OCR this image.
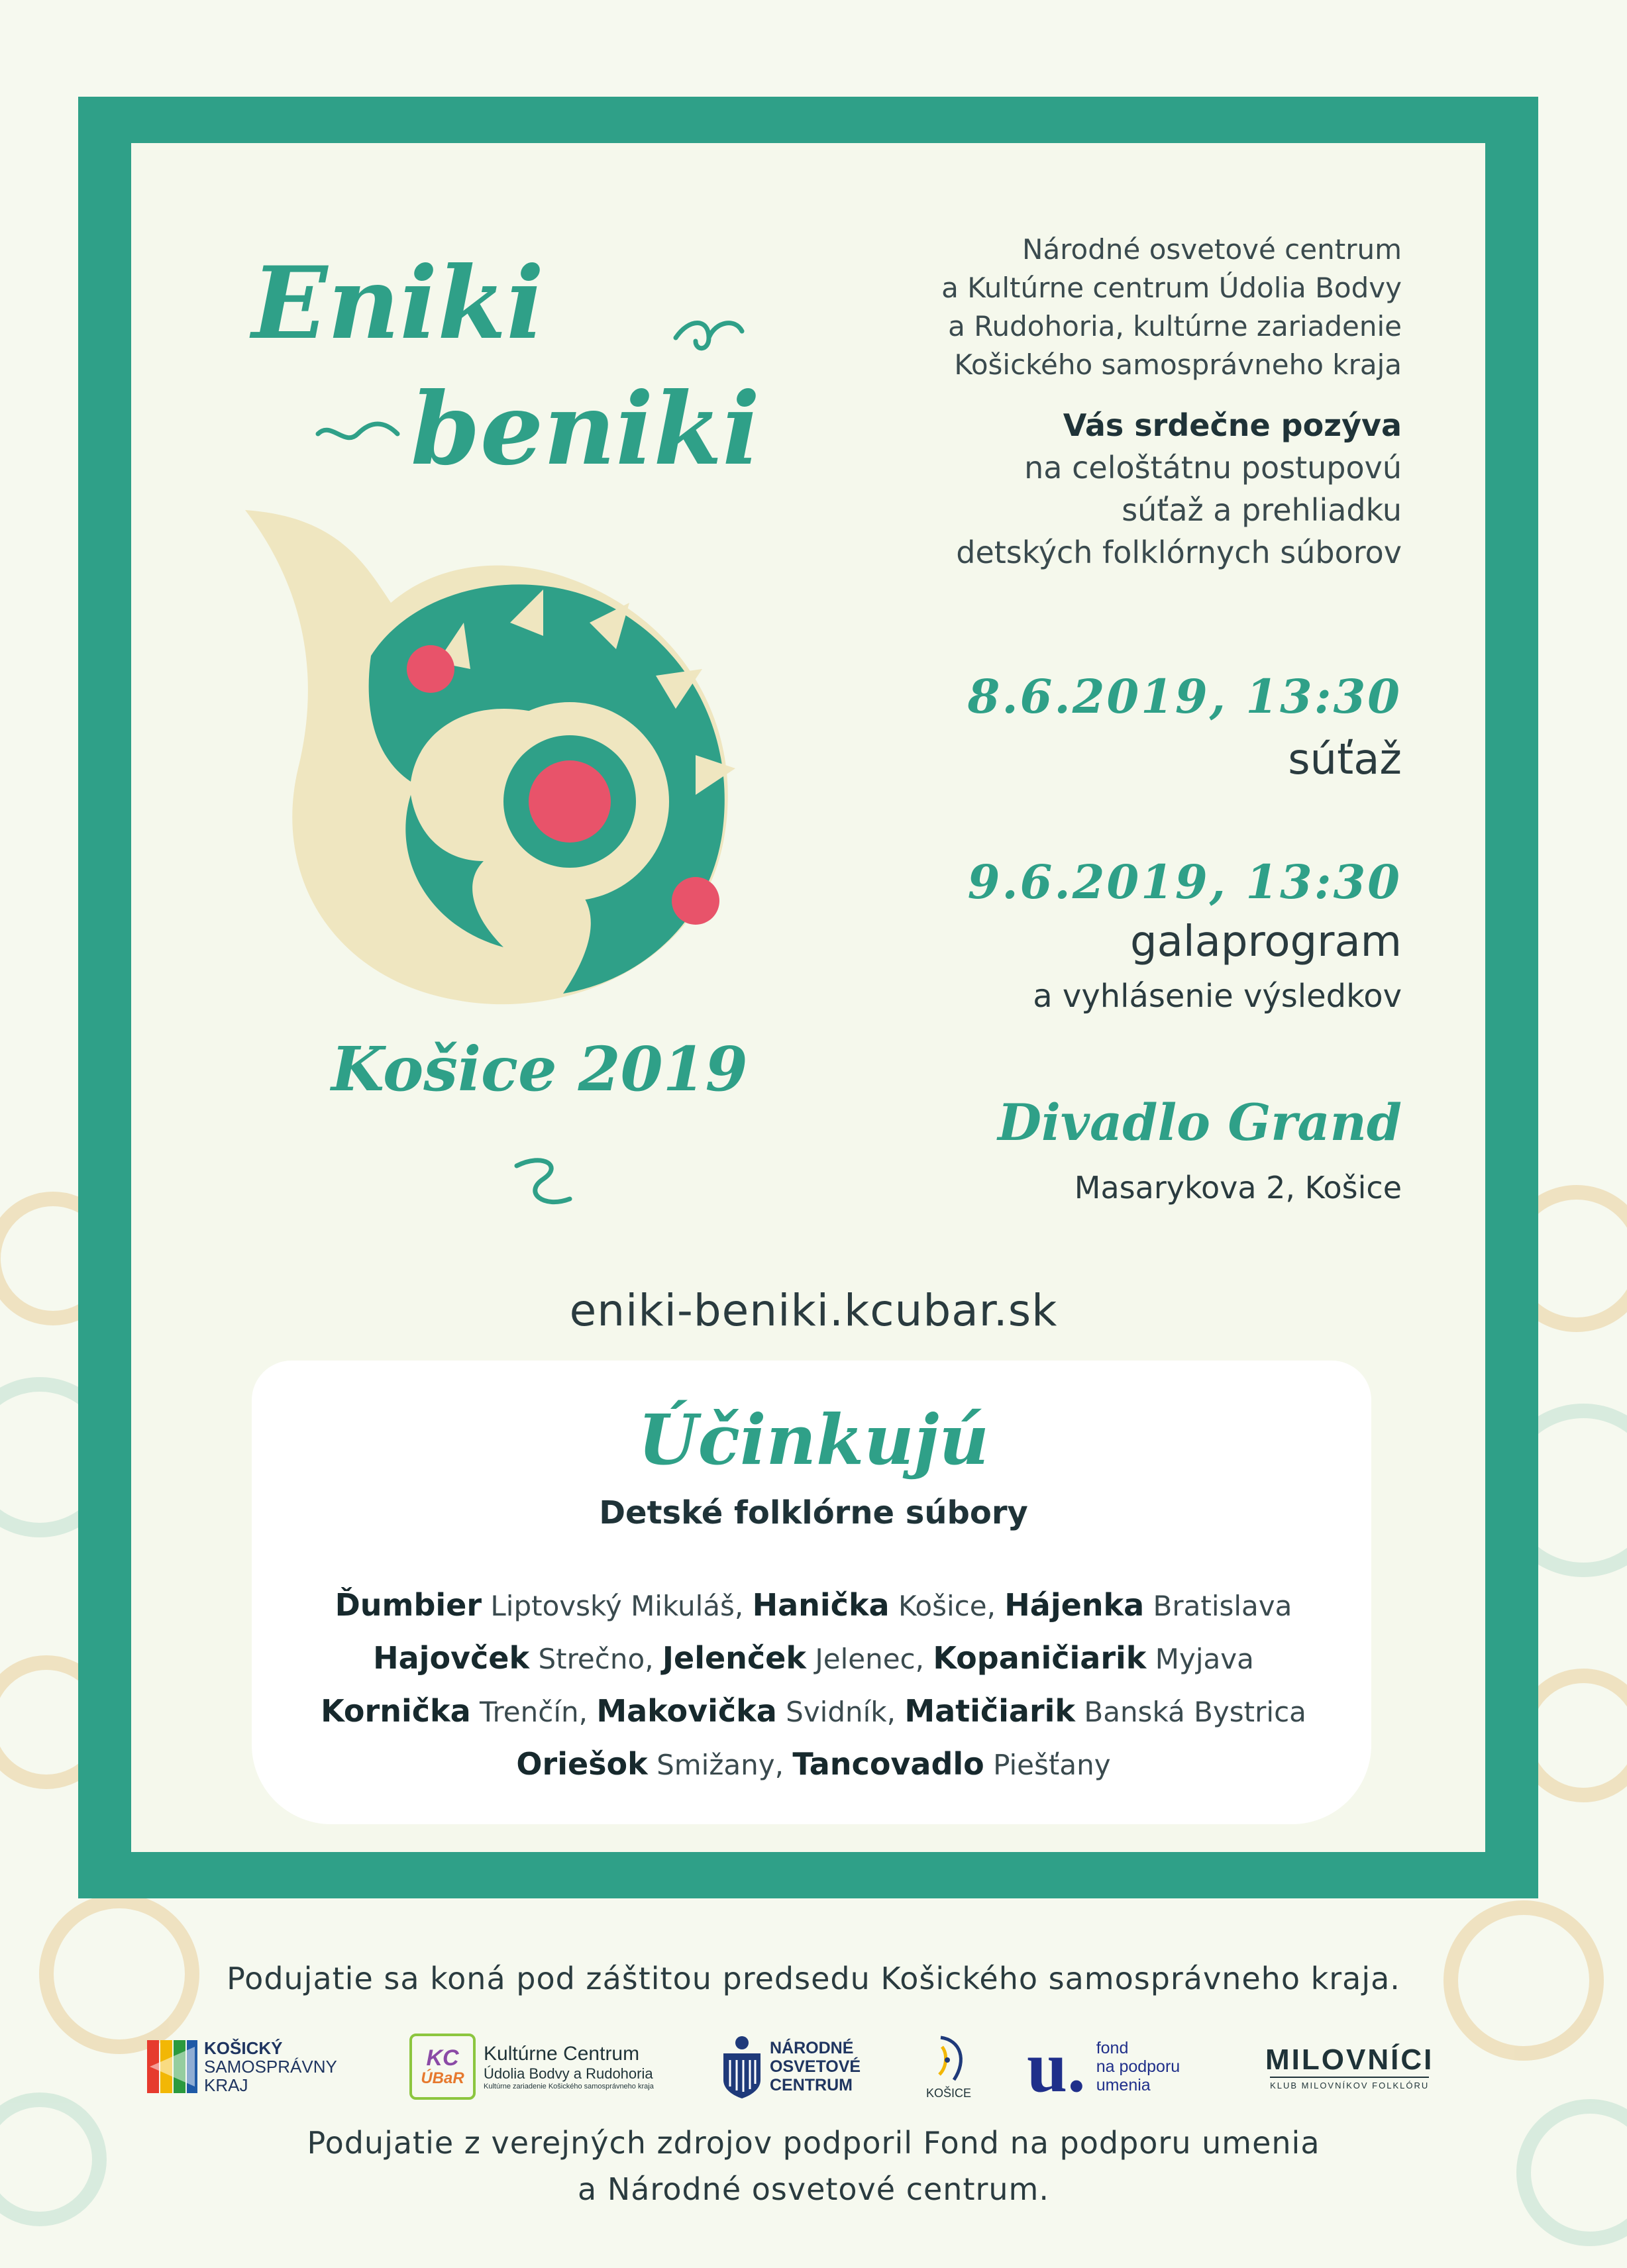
Eniki
beniki
Košice 2019
Národné osvetové centrum
a Kultúrne centrum Údolia Bodvy
a Rudohoria, kultúrne zariadenie
Košického samosprávneho kraja
Vás srdečne pozýva
na celoštátnu postupovú
súťaž a prehliadku
detských folklórnych súborov
8.6.2019, 13:30
súťaž
9.6.2019, 13:30
galaprogram
a vyhlásenie výsledkov
Divadlo Grand
Masarykova 2, Košice
eniki-beniki.kcubar.sk
Účinkujú
Detské folklórne súbory
Ďumbier Liptovský Mikuláš, Hanička Košice, Hájenka Bratislava
Hajovček Strečno, Jelenček Jelenec, Kopaničiarik Myjava
Kornička Trenčín, Makovička Svidník, Matičiarik Banská Bystrica
Oriešok Smižany, Tancovadlo Piešťany
Podujatie sa koná pod záštitou predsedu Košického samosprávneho kraja.
KOŠICKÝ
SAMOSPRÁVNY
KRAJ
KC
ÚBaR
Kultúrne Centrum
Údolia Bodvy a Rudohoria
Kultúrne zariadenie Košického samosprávneho kraja
NÁRODNÉ
OSVETOVÉ
CENTRUM	KOŠICE u. fond
na podporu
umenia
MILOVNÍCI
KLUB MILOVNÍKOV FOLKLÓRU
Podujatie z verejných zdrojov podporil Fond na podporu umenia
a Národné osvetové centrum.
